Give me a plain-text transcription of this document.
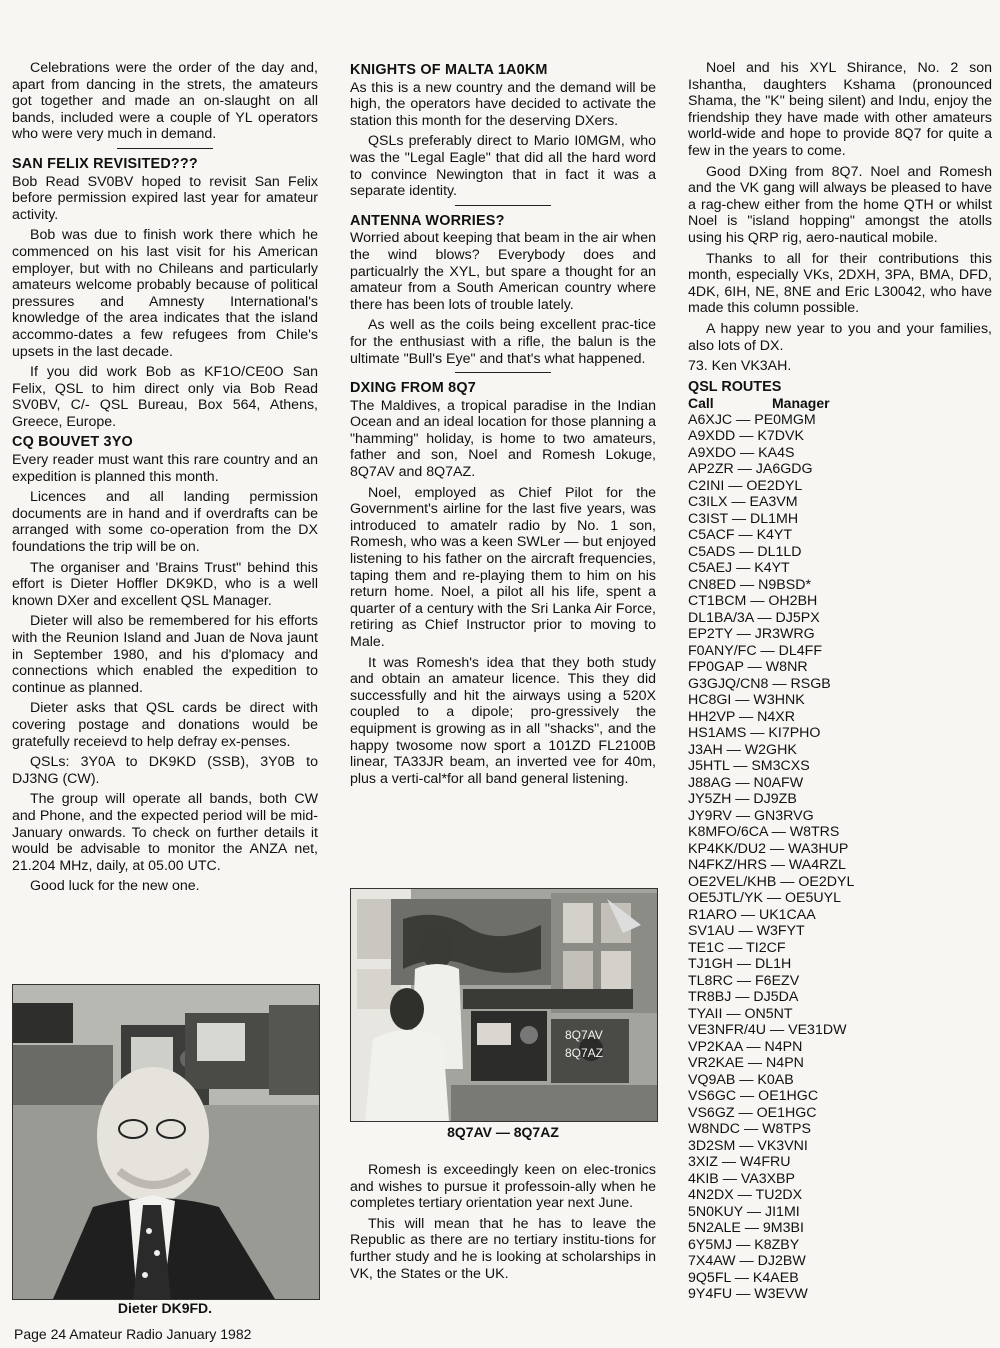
Celebrations were the order of the day and, apart from dancing in the strets, the amateurs got together and made an on-slaught on all bands, included were a couple of YL operators who were very much in demand.

SAN FELIX REVISITED???

Bob Read SV0BV hoped to revisit San Felix before permission expired last year for amateur activity.

Bob was due to finish work there which he commenced on his last visit for his American employer, but with no Chileans and particularly amateurs welcome probably because of political pressures and Amnesty International's knowledge of the area indicates that the island accommo-dates a few refugees from Chile's upsets in the last decade.

If you did work Bob as KF1O/CE0O San Felix, QSL to him direct only via Bob Read SV0BV, C/- QSL Bureau, Box 564, Athens, Greece, Europe.

CQ BOUVET 3YO

Every reader must want this rare country and an expedition is planned this month.

Licences and all landing permission documents are in hand and if overdrafts can be arranged with some co-operation from the DX foundations the trip will be on.

The organiser and 'Brains Trust" behind this effort is Dieter Hoffler DK9KD, who is a well known DXer and excellent QSL Manager.

Dieter will also be remembered for his efforts with the Reunion Island and Juan de Nova jaunt in September 1980, and his d'plomacy and connections which enabled the expedition to continue as planned.

Dieter asks that QSL cards be direct with covering postage and donations would be gratefully receievd to help defray ex-penses.

QSLs: 3Y0A to DK9KD (SSB), 3Y0B to DJ3NG (CW).

The group will operate all bands, both CW and Phone, and the expected period will be mid-January onwards. To check on further details it would be advisable to monitor the ANZA net, 21.204 MHz, daily, at 05.00 UTC.

Good luck for the new one.

Dieter DK9FD.
KNIGHTS OF MALTA 1A0KM

As this is a new country and the demand will be high, the operators have decided to activate the station this month for the deserving DXers.

QSLs preferably direct to Mario I0MGM, who was the "Legal Eagle" that did all the hard word to convince Newington that in fact it was a separate identity.

ANTENNA WORRIES?

Worried about keeping that beam in the air when the wind blows? Everybody does and particualrly the XYL, but spare a thought for an amateur from a South American country where there has been lots of trouble lately.

As well as the coils being excellent prac-tice for the enthusiast with a rifle, the balun is the ultimate "Bull's Eye" and that's what happened.

DXING FROM 8Q7

The Maldives, a tropical paradise in the Indian Ocean and an ideal location for those planning a "hamming" holiday, is home to two amateurs, father and son, Noel and Romesh Lokuge, 8Q7AV and 8Q7AZ.

Noel, employed as Chief Pilot for the Government's airline for the last five years, was introduced to amatelr radio by No. 1 son, Romesh, who was a keen SWLer — but enjoyed listening to his father on the aircraft frequencies, taping them and re-playing them to him on his return home. Noel, a pilot all his life, spent a quarter of a century with the Sri Lanka Air Force, retiring as Chief Instructor prior to moving to Male.

It was Romesh's idea that they both study and obtain an amateur licence. This they did successfully and hit the airways using a 520X coupled to a dipole; pro-gressively the equipment is growing as in all "shacks", and the happy twosome now sport a 101ZD FL2100B linear, TA33JR beam, an inverted vee for 40m, plus a verti-cal*for all band general listening.

8Q7AV
8Q7AZ
8Q7AV — 8Q7AZ

Romesh is exceedingly keen on elec-tronics and wishes to pursue it professoin-ally when he completes tertiary orientation year next June.

This will mean that he has to leave the Republic as there are no tertiary institu-tions for further study and he is looking at scholarships in VK, the States or the UK.

Noel and his XYL Shirance, No. 2 son Ishantha, daughters Kshama (pronounced Shama, the "K" being silent) and Indu, enjoy the friendship they have made with other amateurs world-wide and hope to provide 8Q7 for quite a few in the years to come.

Good DXing from 8Q7. Noel and Romesh and the VK gang will always be pleased to have a rag-chew either from the home QTH or whilst Noel is "island hopping" amongst the atolls using his QRP rig, aero-nautical mobile.

Thanks to all for their contributions this month, especially VKs, 2DXH, 3PA, BMA, DFD, 4DK, 6IH, NE, 8NE and Eric L30042, who have made this column possible.

A happy new year to you and your families, also lots of DX.

73. Ken VK3AH.

QSL ROUTES
Call	Manager
A6XJC — PE0MGM
A9XDD — K7DVK
A9XDO — KA4S
AP2ZR — JA6GDG
C2INI — OE2DYL
C3ILX — EA3VM
C3IST — DL1MH
C5ACF — K4YT
C5ADS — DL1LD
C5AEJ — K4YT
CN8ED — N9BSD*
CT1BCM — OH2BH
DL1BA/3A — DJ5PX
EP2TY — JR3WRG
F0ANY/FC — DL4FF
FP0GAP — W8NR
G3GJQ/CN8 — RSGB
HC8GI — W3HNK
HH2VP — N4XR
HS1AMS — KI7PHO
J3AH — W2GHK
J5HTL — SM3CXS
J88AG — N0AFW
JY5ZH — DJ9ZB
JY9RV — GN3RVG
K8MFO/6CA — W8TRS
KP4KK/DU2 — WA3HUP
N4FKZ/HRS — WA4RZL
OE2VEL/KHB — OE2DYL
OE5JTL/YK — OE5UYL
R1ARO — UK1CAA
SV1AU — W3FYT
TE1C — TI2CF
TJ1GH — DL1H
TL8RC — F6EZV
TR8BJ — DJ5DA
TYAII — ON5NT
VE3NFR/4U — VE31DW
VP2KAA — N4PN
VR2KAE — N4PN
VQ9AB — K0AB
VS6GC — OE1HGC
VS6GZ — OE1HGC
W8NDC — W8TPS
3D2SM — VK3VNI
3XIZ — W4FRU
4KIB — VA3XBP
4N2DX — TU2DX
5N0KUY — JI1MI
5N2ALE — 9M3BI
6Y5MJ — K8ZBY
7X4AW — DJ2BW
9Q5FL — K4AEB
9Y4FU — W3EVW
Page 24 Amateur Radio January 1982
